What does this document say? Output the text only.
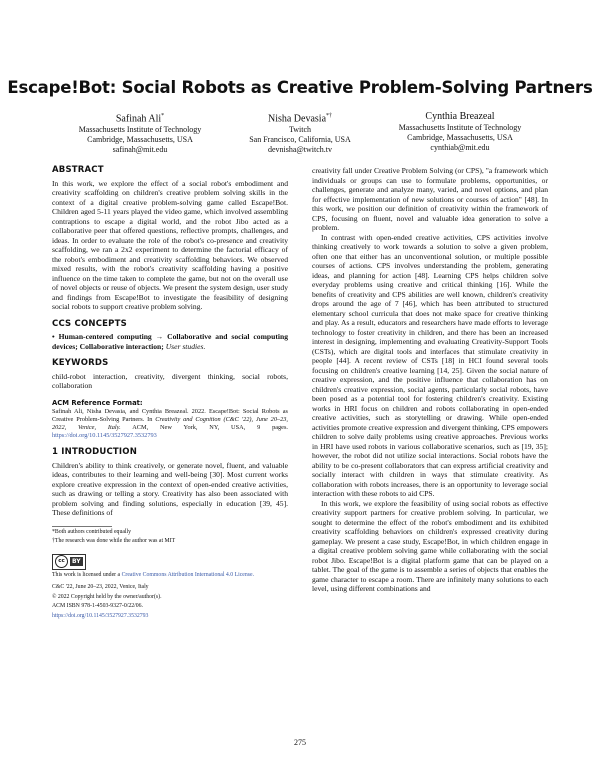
Escape!Bot: Social Robots as Creative Problem-Solving Partners
Safinah Ali*
Massachusetts Institute of Technology
Cambridge, Massachusetts, USA
safinah@mit.edu
Nisha Devasia*†
Twitch
San Francisco, California, USA
devnisha@twitch.tv
Cynthia Breazeal
Massachusetts Institute of Technology
Cambridge, Massachusetts, USA
cynthiab@mit.edu
ABSTRACT

In this work, we explore the effect of a social robot's embodiment and creativity scaffolding on children's creative problem solving skills in the context of a digital creative problem-solving game called Escape!Bot. Children aged 5-11 years played the video game, which involved assembling contraptions to escape a digital world, and the robot Jibo acted as a collaborative peer that offered questions, reflective prompts, challenges, and ideas. In order to evaluate the role of the robot's co-presence and creativity scaffolding, we ran a 2x2 experiment to determine the factorial efficacy of the robot's embodiment and creativity scaffolding behaviors. We observed mixed results, with the robot's creativity scaffolding having a positive influence on the time taken to complete the game, but not on the overall use of novel objects or reuse of objects. We present the system design, user study and findings from Escape!Bot to investigate the feasibility of designing social robots to support creative problem solving.

CCS CONCEPTS

• Human-centered computing → Collaborative and social computing devices; Collaborative interaction; User studies.

KEYWORDS

child-robot interaction, creativity, divergent thinking, social robots, collaboration

ACM Reference Format:

Safinah Ali, Nisha Devasia, and Cynthia Breazeal. 2022. Escape!Bot: Social Robots as Creative Problem-Solving Partners. In Creativity and Cognition (C&C '22), June 20–23, 2022, Venice, Italy. ACM, New York, NY, USA, 9 pages. https://doi.org/10.1145/3527927.3532793

1 INTRODUCTION

Children's ability to think creatively, or generate novel, fluent, and valuable ideas, contributes to their learning and well-being [30]. Most current works explore creative expression in the context of open-ended creative activities, such as drawing or telling a story. Creativity has also been associated with problem solving and finding solutions, especially in education [39, 45]. These definitions of

*Both authors contributed equally
†The research was done while the author was at MIT
cc	BY
This work is licensed under a Creative Commons Attribution International 4.0 License.
C&C '22, June 20–23, 2022, Venice, Italy
© 2022 Copyright held by the owner/author(s).
ACM ISBN 978-1-4503-9327-0/22/06.
https://doi.org/10.1145/3527927.3532793

creativity fall under Creative Problem Solving (or CPS), "a framework which individuals or groups can use to formulate problems, opportunities, or challenges, generate and analyze many, varied, and novel options, and plan for effective implementation of new solutions or courses of action" [48]. In this work, we position our definition of creativity within the framework of CPS, focusing on fluent, novel and valuable idea generation to solve a problem.

In contrast with open-ended creative activities, CPS activities involve thinking creatively to work towards a solution to solve a given problem, often one that either has an unconventional solution, or multiple possible courses of actions. CPS involves understanding the problem, generating ideas, and planning for action [48]. Learning CPS helps children solve everyday problems using creative and critical thinking [16]. While the benefits of creativity and CPS abilities are well known, children's creativity drops around the age of 7 [46], which has been attributed to structured elementary school curricula that does not make space for creative thinking and play. As a result, educators and researchers have made efforts to leverage technology to foster creativity in children, and there has been an increased interest in designing, implementing and evaluating Creativity-Support Tools (CSTs), which are digital tools and interfaces that stimulate creativity in people [44]. A recent review of CSTs [18] in HCI found several tools focusing on children's creative learning [14, 25]. Given the social nature of creative expression, and the positive influence that collaboration has on children's creative expression, social agents, particularly social robots, have been posed as a potential tool for fostering children's creativity. Existing works in HRI focus on children and robots collaborating in open-ended creative activities, such as storytelling or drawing. While open-ended activities promote creative expression and divergent thinking, CPS empowers children to solve daily problems using creative approaches. Previous works in HRI have used robots in various collaborative scenarios, such as [19, 35]; however, the robot did not utilize social interactions. Social robots have the ability to be co-present collaborators that can express artificial creativity and socially interact with children in ways that stimulate creativity. As collaboration with robots increases, there is an opportunity to leverage social interaction with these robots to aid CPS.

In this work, we explore the feasibility of using social robots as effective creativity support partners for creative problem solving. In particular, we sought to determine the effect of the robot's embodiment and its exhibited creativity scaffolding behaviors on children's expressed creativity during gameplay. We present a case study, Escape!Bot, in which children engage in a digital creative problem solving game while collaborating with the social robot Jibo. Escape!Bot is a digital platform game that can be played on a tablet. The goal of the game is to assemble a series of objects that enables the game character to escape a room. There are infinitely many solutions to each level, using different combinations and

275
